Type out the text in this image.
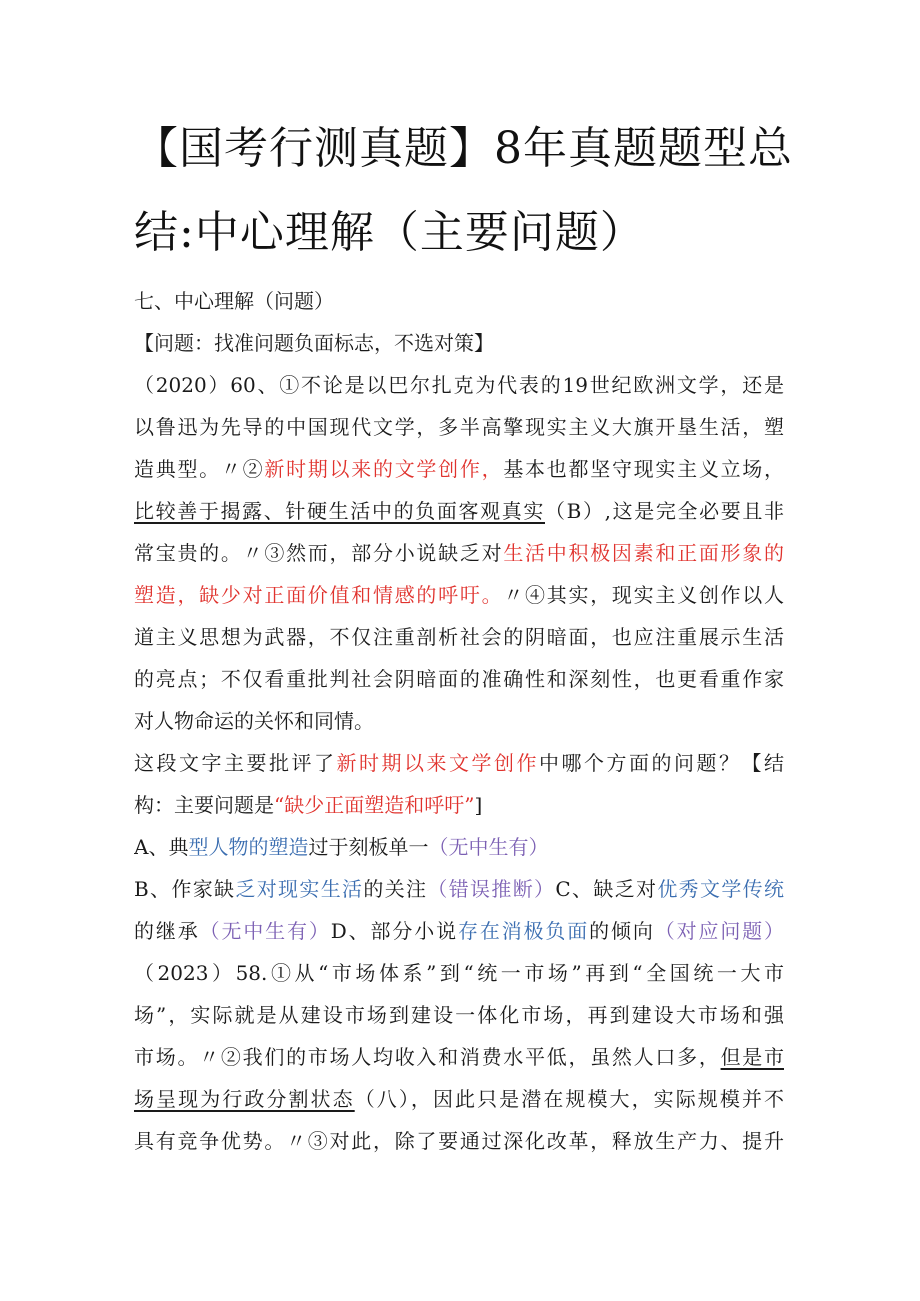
【国考行测真题】8年真题题型总
结:中心理解（主要问题）
七、中心理解（问题）
【问题：找准问题负面标志，不选对策】
（2020）60、①不论是以巴尔扎克为代表的19世纪欧洲文学，还是
以鲁迅为先导的中国现代文学，多半高擎现实主义大旗开垦生活，塑
造典型。〃②新时期以来的文学创作，基本也都坚守现实主义立场，
比较善于揭露、针硬生活中的负面客观真实（B）,这是完全必要且非
常宝贵的。〃③然而，部分小说缺乏对生活中积极因素和正面形象的
塑造，缺少对正面价值和情感的呼吁。〃④其实，现实主义创作以人
道主义思想为武器，不仅注重剖析社会的阴暗面，也应注重展示生活
的亮点；不仅看重批判社会阴暗面的准确性和深刻性，也更看重作家
对人物命运的关怀和同情。
这段文字主要批评了新时期以来文学创作中哪个方面的问题？【结
构：主要问题是“缺少正面塑造和呼吁”]
A、典型人物的塑造过于刻板单一（无中生有）
B、作家缺乏对现实生活的关注（错误推断）C、缺乏对优秀文学传统
的继承（无中生有）D、部分小说存在消极负面的倾向（对应问题）
（2023）58.①从“市场体系”到“统一市场”再到“全国统一大市
场”，实际就是从建设市场到建设一体化市场，再到建设大市场和强
市场。〃②我们的市场人均收入和消费水平低，虽然人口多，但是市
场呈现为行政分割状态（八），因此只是潜在规模大，实际规模并不
具有竞争优势。〃③对此，除了要通过深化改革，释放生产力、提升
